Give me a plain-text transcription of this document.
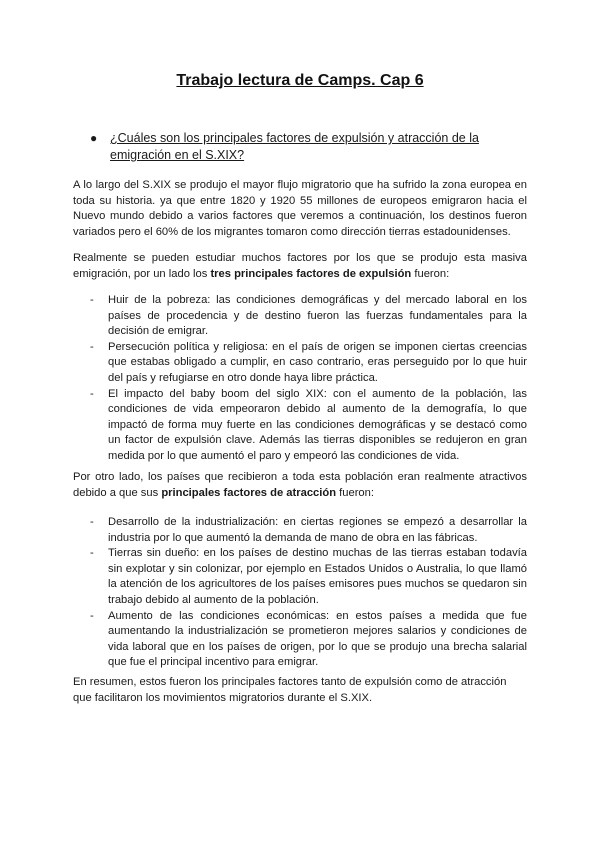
Trabajo lectura de Camps. Cap 6
● ¿Cuáles son los principales factores de expulsión y atracción de la emigración en el S.XIX?

A lo largo del S.XIX se produjo el mayor flujo migratorio que ha sufrido la zona europea en toda su historia. ya que entre 1820 y 1920 55 millones de europeos emigraron hacia el Nuevo mundo debido a varios factores que veremos a continuación, los destinos fueron variados pero el 60% de los migrantes tomaron como dirección tierras estadounidenses.

Realmente se pueden estudiar muchos factores por los que se produjo esta masiva emigración, por un lado los tres principales factores de expulsión fueron:

- Huir de la pobreza: las condiciones demográficas y del mercado laboral en los países de procedencia y de destino fueron las fuerzas fundamentales para la decisión de emigrar.
- Persecución política y religiosa: en el país de origen se imponen ciertas creencias que estabas obligado a cumplir, en caso contrario, eras perseguido por lo que huir del país y refugiarse en otro donde haya libre práctica.
- El impacto del baby boom del siglo XIX: con el aumento de la población, las condiciones de vida empeoraron debido al aumento de la demografía, lo que impactó de forma muy fuerte en las condiciones demográficas y se destacó como un factor de expulsión clave. Además las tierras disponibles se redujeron en gran medida por lo que aumentó el paro y empeoró las condiciones de vida.

Por otro lado, los países que recibieron a toda esta población eran realmente atractivos debido a que sus principales factores de atracción fueron:

- Desarrollo de la industrialización: en ciertas regiones se empezó a desarrollar la industria por lo que aumentó la demanda de mano de obra en las fábricas.
- Tierras sin dueño: en los países de destino muchas de las tierras estaban todavía sin explotar y sin colonizar, por ejemplo en Estados Unidos o Australia, lo que llamó la atención de los agricultores de los países emisores pues muchos se quedaron sin trabajo debido al aumento de la población.
- Aumento de las condiciones económicas: en estos países a medida que fue aumentando la industrialización se prometieron mejores salarios y condiciones de vida laboral que en los países de origen, por lo que se produjo una brecha salarial que fue el principal incentivo para emigrar.

En resumen, estos fueron los principales factores tanto de expulsión como de atracción que facilitaron los movimientos migratorios durante el S.XIX.
